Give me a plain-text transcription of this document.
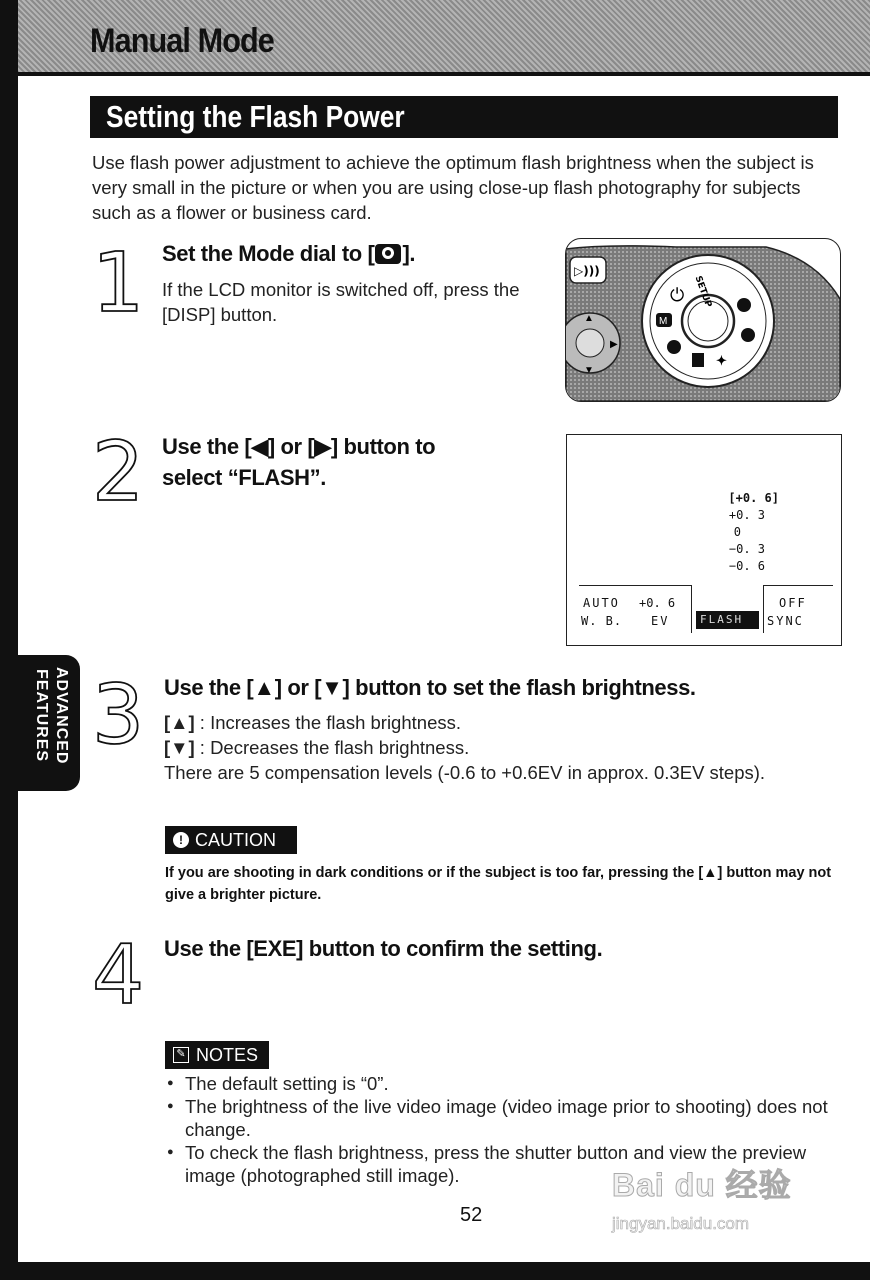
Manual Mode
Setting the Flash Power
Use flash power adjustment to achieve the optimum flash brightness when the subject is very small in the picture or when you are using close-up flash photography for subjects such as a flower or business card.
1 Set the Mode dial to [ ].
If the LCD monitor is switched off, press the [DISP] button.
▷)))
▲
▼
▶
SETUP
⏻
M
✦
2 Use the [◀] or [▶] button to
select “FLASH”.
[+0. 6]
+0. 3
0
−0. 3
−0. 6
AUTO +0. 6
W. B. EV	FLASH
OFF
SYNC
ADVANCED
FEATURES 3 Use the [▲] or [▼] button to set the flash brightness.
[▲] : Increases the flash brightness.
[▼] : Decreases the flash brightness.
There are 5 compensation levels (-0.6 to +0.6EV in approx. 0.3EV steps).
! CAUTION
If you are shooting in dark conditions or if the subject is too far, pressing the [▲] button may not give a brighter picture.
4 Use the [EXE] button to confirm the setting.
✎ NOTES
● The default setting is “0”.
● The brightness of the live video image (video image prior to shooting) does not change.
● To check the flash brightness, press the shutter button and view the preview image (photographed still image).
52
Bai du 经验
jingyan.baidu.com
